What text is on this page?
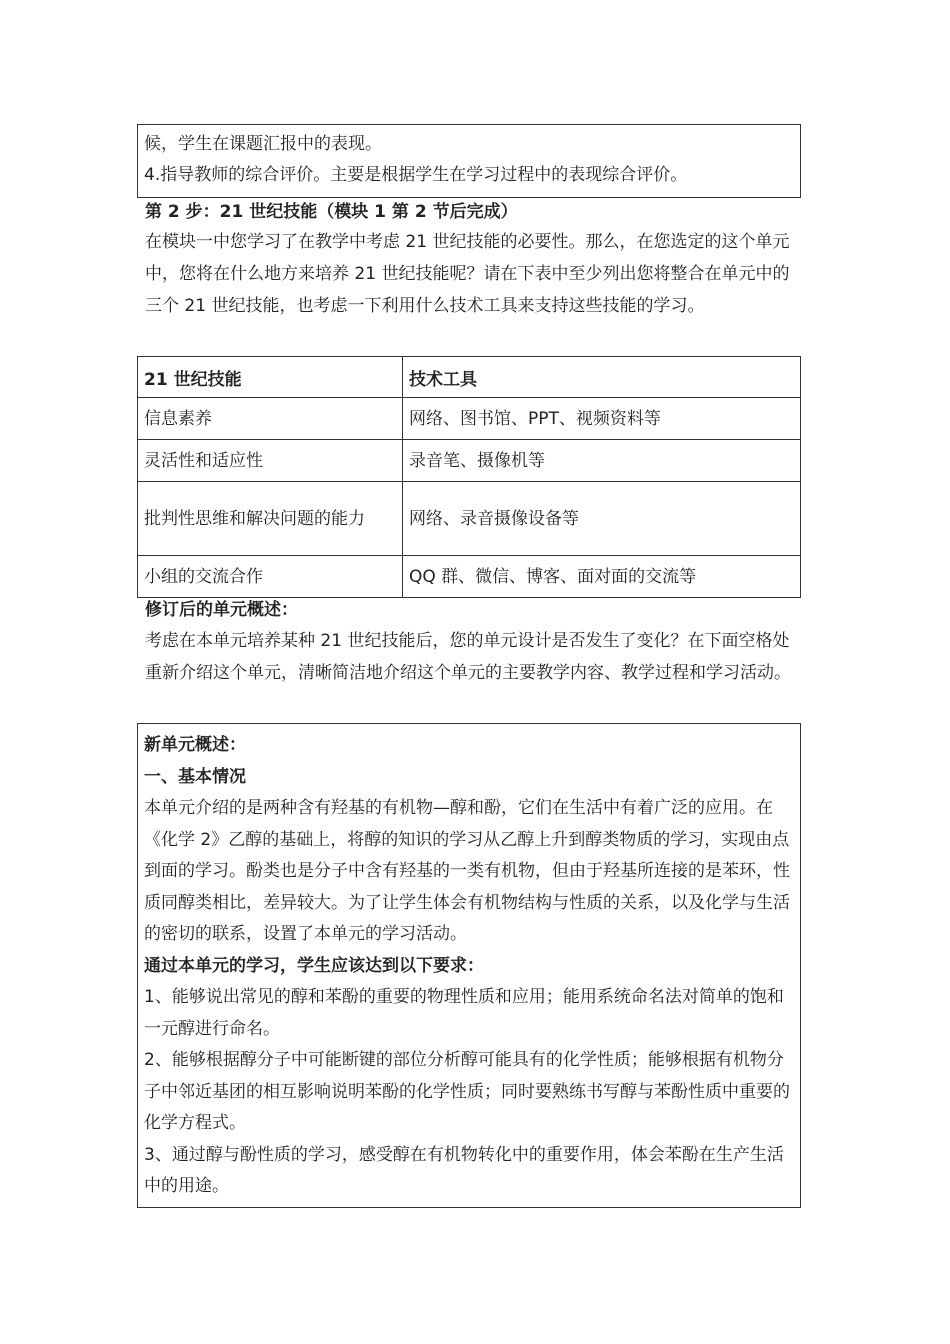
候，学生在课题汇报中的表现。

4.指导教师的综合评价。主要是根据学生在学习过程中的表现综合评价。

第 2 步：21 世纪技能（模块 1 第 2 节后完成）

在模块一中您学习了在教学中考虑 21 世纪技能的必要性。那么，在您选定的这个单元中，您将在什么地方来培养 21 世纪技能呢？请在下表中至少列出您将整合在单元中的三个 21 世纪技能，也考虑一下利用什么技术工具来支持这些技能的学习。

21 世纪技能	技术工具
信息素养	网络、图书馆、PPT、视频资料等
灵活性和适应性	录音笔、摄像机等
批判性思维和解决问题的能力	网络、录音摄像设备等
小组的交流合作	QQ 群、微信、博客、面对面的交流等
修订后的单元概述：

考虑在本单元培养某种 21 世纪技能后，您的单元设计是否发生了变化？在下面空格处重新介绍这个单元，清晰简洁地介绍这个单元的主要教学内容、教学过程和学习活动。

新单元概述：

一、基本情况

本单元介绍的是两种含有羟基的有机物—醇和酚，它们在生活中有着广泛的应用。在《化学 2》乙醇的基础上，将醇的知识的学习从乙醇上升到醇类物质的学习，实现由点到面的学习。酚类也是分子中含有羟基的一类有机物，但由于羟基所连接的是苯环，性质同醇类相比，差异较大。为了让学生体会有机物结构与性质的关系，以及化学与生活的密切的联系，设置了本单元的学习活动。

通过本单元的学习，学生应该达到以下要求：

1、能够说出常见的醇和苯酚的重要的物理性质和应用；能用系统命名法对简单的饱和一元醇进行命名。

2、能够根据醇分子中可能断键的部位分析醇可能具有的化学性质；能够根据有机物分子中邻近基团的相互影响说明苯酚的化学性质；同时要熟练书写醇与苯酚性质中重要的化学方程式。

3、通过醇与酚性质的学习，感受醇在有机物转化中的重要作用，体会苯酚在生产生活中的用途。
